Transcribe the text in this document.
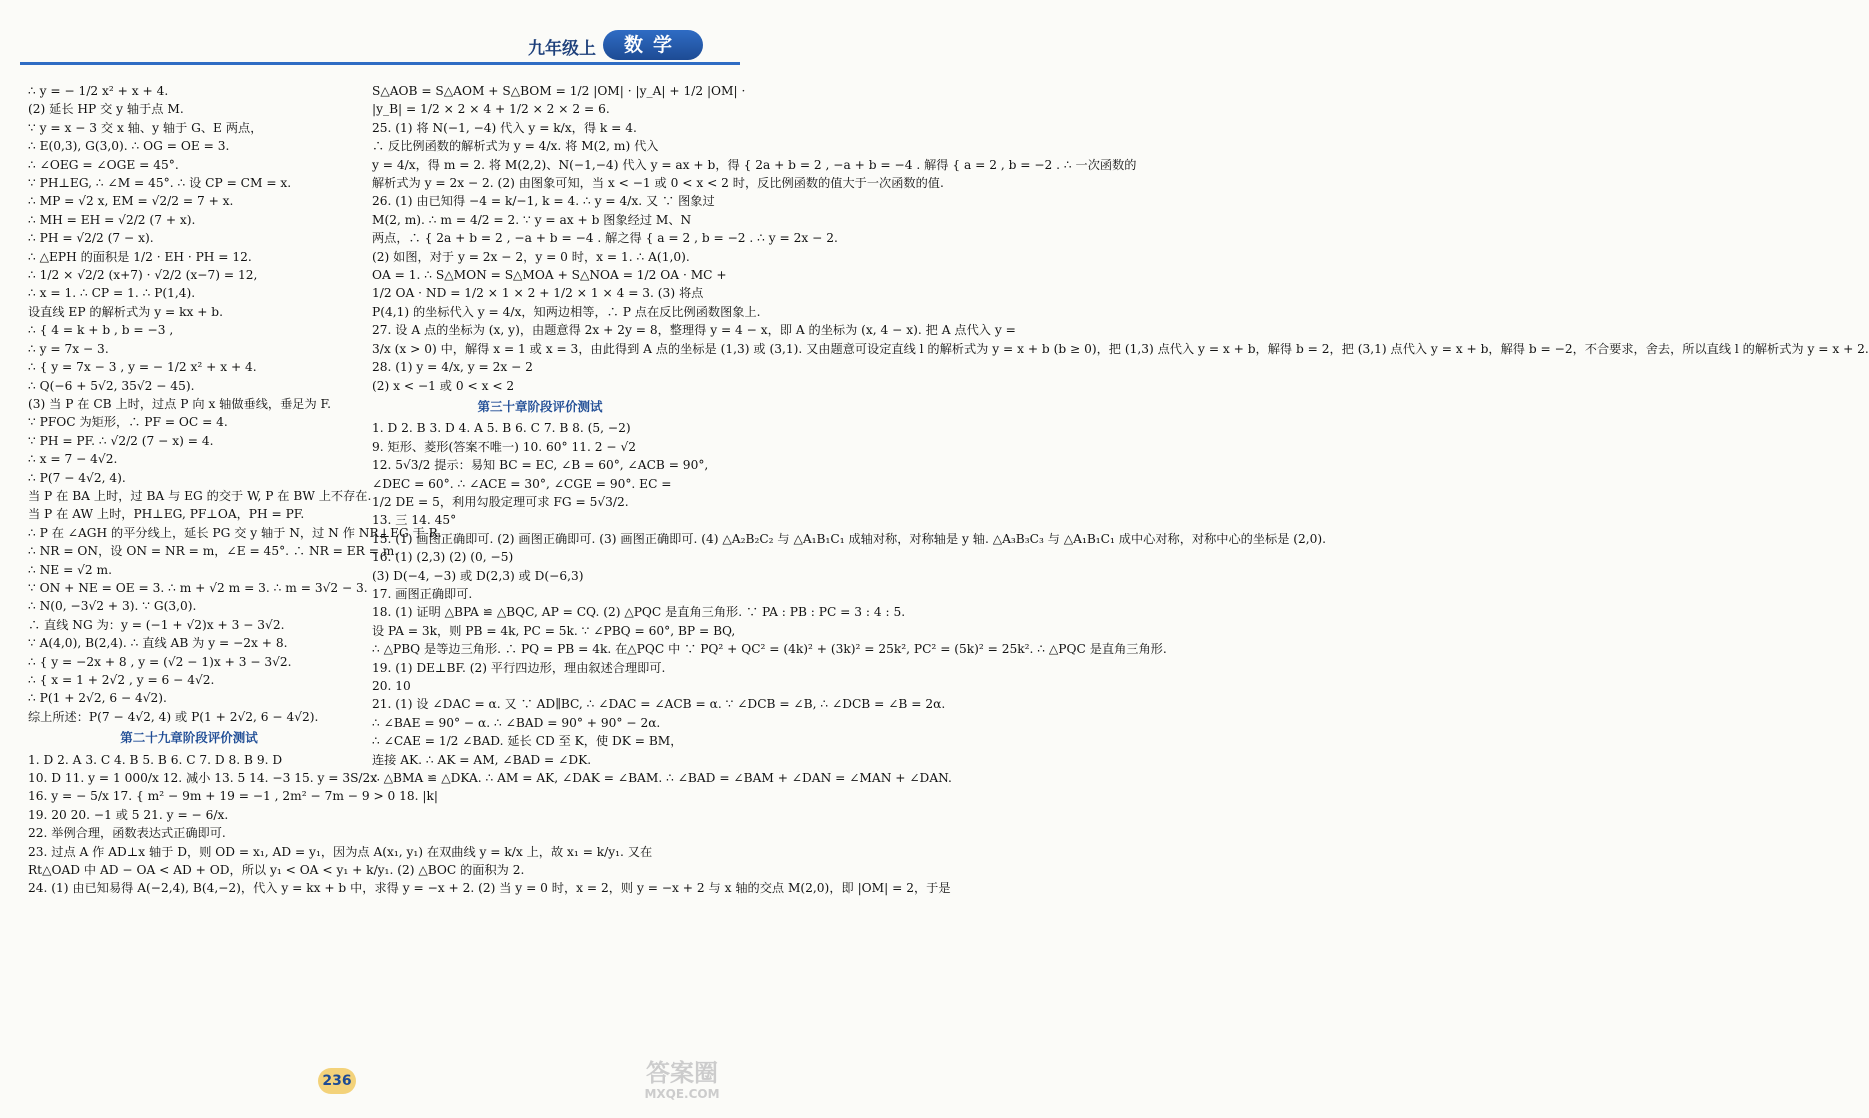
九年级上	数学
∴ y = − 1/2 x² + x + 4.
(2) 延长 HP 交 y 轴于点 M.
∵ y = x − 3 交 x 轴、y 轴于 G、E 两点，
∴ E(0,3), G(3,0). ∴ OG = OE = 3.
∴ ∠OEG = ∠OGE = 45°.
∵ PH⊥EG, ∴ ∠M = 45°. ∴ 设 CP = CM = x.
∴ MP = √2 x, EM = √2/2 = 7 + x.
∴ MH = EH = √2/2 (7 + x).
∴ PH = √2/2 (7 − x).
∴ △EPH 的面积是 1/2 · EH · PH = 12.
∴ 1/2 × √2/2 (x+7) · √2/2 (x−7) = 12,
∴ x = 1. ∴ CP = 1. ∴ P(1,4).
设直线 EP 的解析式为 y = kx + b.
∴ { 4 = k + b , b = −3 ,
∴ y = 7x − 3.
∴ { y = 7x − 3 , y = − 1/2 x² + x + 4.
∴ Q(−6 + 5√2, 35√2 − 45).
(3) 当 P 在 CB 上时，过点 P 向 x 轴做垂线，垂足为 F.
∵ PFOC 为矩形，∴ PF = OC = 4.
∵ PH = PF. ∴ √2/2 (7 − x) = 4.
∴ x = 7 − 4√2.
∴ P(7 − 4√2, 4).
当 P 在 BA 上时，过 BA 与 EG 的交于 W, P 在 BW 上不存在.
当 P 在 AW 上时，PH⊥EG, PF⊥OA，PH = PF.
∴ P 在 ∠AGH 的平分线上，延长 PG 交 y 轴于 N，过 N 作 NR⊥EG 于 R.
∴ NR = ON，设 ON = NR = m，∠E = 45°. ∴ NR = ER = m.
∴ NE = √2 m.
∵ ON + NE = OE = 3. ∴ m + √2 m = 3. ∴ m = 3√2 − 3.
∴ N(0, −3√2 + 3). ∵ G(3,0).
∴ 直线 NG 为：y = (−1 + √2)x + 3 − 3√2.
∵ A(4,0), B(2,4). ∴ 直线 AB 为 y = −2x + 8.
∴ { y = −2x + 8 , y = (√2 − 1)x + 3 − 3√2.
∴ { x = 1 + 2√2 , y = 6 − 4√2.
∴ P(1 + 2√2, 6 − 4√2).
综上所述：P(7 − 4√2, 4) 或 P(1 + 2√2, 6 − 4√2).
第二十九章阶段评价测试
1. D 2. A 3. C 4. B 5. B 6. C 7. D 8. B 9. D
10. D 11. y = 1 000/x 12. 减小 13. 5 14. −3 15. y = 3S/2x
16. y = − 5/x 17. { m² − 9m + 19 = −1 , 2m² − 7m − 9 > 0 18. |k|
19. 20 20. −1 或 5 21. y = − 6/x.
22. 举例合理，函数表达式正确即可.
23. 过点 A 作 AD⊥x 轴于 D，则 OD = x₁, AD = y₁，因为点 A(x₁, y₁) 在双曲线 y = k/x 上，故 x₁ = k/y₁. 又在
Rt△OAD 中 AD − OA < AD + OD，所以 y₁ < OA < y₁ + k/y₁. (2) △BOC 的面积为 2.
24. (1) 由已知易得 A(−2,4), B(4,−2)，代入 y = kx + b 中，求得 y = −x + 2. (2) 当 y = 0 时，x = 2，则 y = −x + 2 与 x 轴的交点 M(2,0)，即 |OM| = 2，于是
S△AOB = S△AOM + S△BOM = 1/2 |OM| · |y_A| + 1/2 |OM| ·
|y_B| = 1/2 × 2 × 4 + 1/2 × 2 × 2 = 6.
25. (1) 将 N(−1, −4) 代入 y = k/x，得 k = 4.
∴ 反比例函数的解析式为 y = 4/x. 将 M(2, m) 代入
y = 4/x，得 m = 2. 将 M(2,2)、N(−1,−4) 代入 y = ax + b，得 { 2a + b = 2 , −a + b = −4 . 解得 { a = 2 , b = −2 . ∴ 一次函数的
解析式为 y = 2x − 2. (2) 由图象可知，当 x < −1 或 0 < x < 2 时，反比例函数的值大于一次函数的值.
26. (1) 由已知得 −4 = k/−1, k = 4. ∴ y = 4/x. 又 ∵ 图象过
M(2, m). ∴ m = 4/2 = 2. ∵ y = ax + b 图象经过 M、N
两点，∴ { 2a + b = 2 , −a + b = −4 . 解之得 { a = 2 , b = −2 . ∴ y = 2x − 2.
(2) 如图，对于 y = 2x − 2，y = 0 时，x = 1. ∴ A(1,0).
OA = 1. ∴ S△MON = S△MOA + S△NOA = 1/2 OA · MC +
1/2 OA · ND = 1/2 × 1 × 2 + 1/2 × 1 × 4 = 3. (3) 将点
P(4,1) 的坐标代入 y = 4/x，知两边相等，∴ P 点在反比例函数图象上.
27. 设 A 点的坐标为 (x, y)，由题意得 2x + 2y = 8，整理得 y = 4 − x，即 A 的坐标为 (x, 4 − x). 把 A 点代入 y =
3/x (x > 0) 中，解得 x = 1 或 x = 3，由此得到 A 点的坐标是 (1,3) 或 (3,1). 又由题意可设定直线 l 的解析式为 y = x + b (b ≥ 0)，把 (1,3) 点代入 y = x + b，解得 b = 2，把 (3,1) 点代入 y = x + b，解得 b = −2，不合要求，舍去，所以直线 l 的解析式为 y = x + 2.
28. (1) y = 4/x, y = 2x − 2
(2) x < −1 或 0 < x < 2
第三十章阶段评价测试
1. D 2. B 3. D 4. A 5. B 6. C 7. B 8. (5, −2)
9. 矩形、菱形(答案不唯一) 10. 60° 11. 2 − √2
12. 5√3/2 提示：易知 BC = EC, ∠B = 60°, ∠ACB = 90°,
∠DEC = 60°. ∴ ∠ACE = 30°, ∠CGE = 90°. EC =
1/2 DE = 5，利用勾股定理可求 FG = 5√3/2.
13. 三 14. 45°
15. (1) 画图正确即可. (2) 画图正确即可. (3) 画图正确即可. (4) △A₂B₂C₂ 与 △A₁B₁C₁ 成轴对称，对称轴是 y 轴. △A₃B₃C₃ 与 △A₁B₁C₁ 成中心对称，对称中心的坐标是 (2,0).
16. (1) (2,3) (2) (0, −5)
(3) D(−4, −3) 或 D(2,3) 或 D(−6,3)
17. 画图正确即可.
18. (1) 证明 △BPA ≌ △BQC, AP = CQ. (2) △PQC 是直角三角形. ∵ PA : PB : PC = 3 : 4 : 5.
设 PA = 3k，则 PB = 4k, PC = 5k. ∵ ∠PBQ = 60°, BP = BQ,
∴ △PBQ 是等边三角形. ∴ PQ = PB = 4k. 在△PQC 中 ∵ PQ² + QC² = (4k)² + (3k)² = 25k², PC² = (5k)² = 25k². ∴ △PQC 是直角三角形.
19. (1) DE⊥BF. (2) 平行四边形，理由叙述合理即可.
20. 10
21. (1) 设 ∠DAC = α. 又 ∵ AD∥BC, ∴ ∠DAC = ∠ACB = α. ∵ ∠DCB = ∠B, ∴ ∠DCB = ∠B = 2α.
∴ ∠BAE = 90° − α. ∴ ∠BAD = 90° + 90° − 2α.
∴ ∠CAE = 1/2 ∠BAD. 延长 CD 至 K，使 DK = BM，
连接 AK. ∴ AK = AM, ∠BAD = ∠DK.
∴ △BMA ≌ △DKA. ∴ AM = AK, ∠DAK = ∠BAM. ∴ ∠BAD = ∠BAM + ∠DAN = ∠MAN + ∠DAN.
236	答案圈
MXQE.COM
